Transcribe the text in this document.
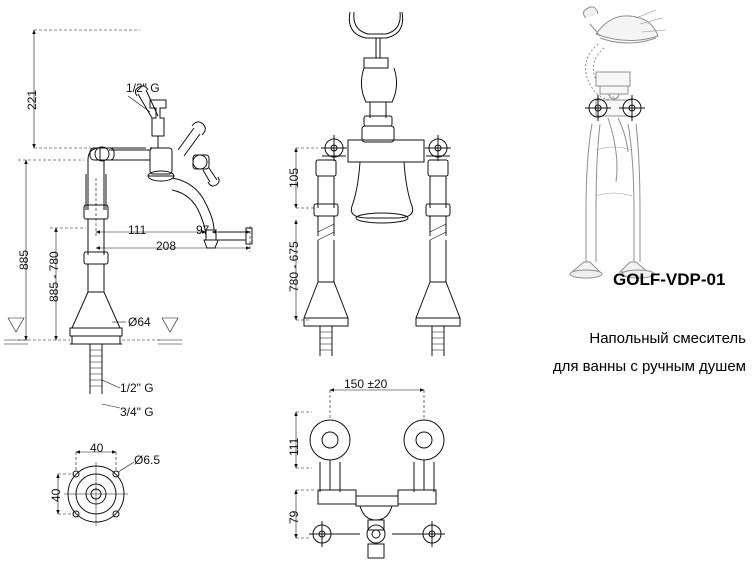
221
1/2" G
885 885 - 780
111
208
97
Ø64
1/2" G
3/4" G
40
40
Ø6.5
105
780 - 675
150 ±20
111
79
GOLF-VDP-01
Напольный смеситель
для ванны с ручным душем
